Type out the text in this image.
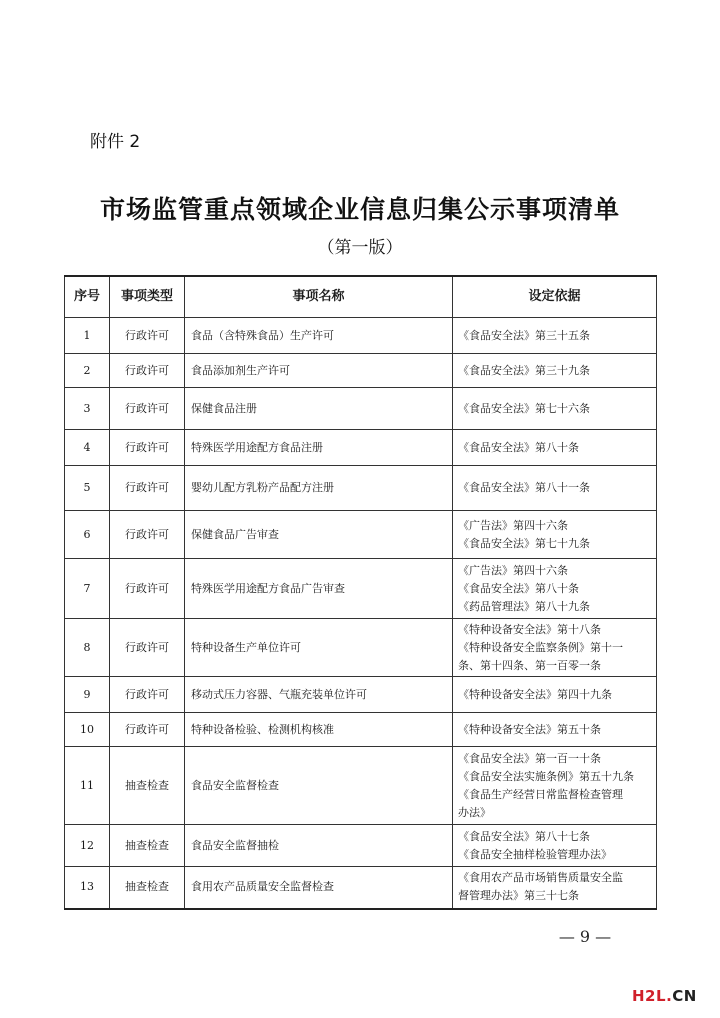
附件 2
市场监管重点领域企业信息归集公示事项清单
（第一版）
序号	事项类型	事项名称	设定依据
1	行政许可	食品（含特殊食品）生产许可	《食品安全法》第三十五条

2	行政许可	食品添加剂生产许可	《食品安全法》第三十九条

3	行政许可	保健食品注册	《食品安全法》第七十六条

4	行政许可	特殊医学用途配方食品注册	《食品安全法》第八十条

5	行政许可	婴幼儿配方乳粉产品配方注册	《食品安全法》第八十一条

6	行政许可	保健食品广告审查	《广告法》第四十六条
《食品安全法》第七十九条

7	行政许可	特殊医学用途配方食品广告审查	《广告法》第四十六条
《食品安全法》第八十条
《药品管理法》第八十九条

8	行政许可	特种设备生产单位许可	《特种设备安全法》第十八条
《特种设备安全监察条例》第十一
条、第十四条、第一百零一条

9	行政许可	移动式压力容器、气瓶充装单位许可	《特种设备安全法》第四十九条

10	行政许可	特种设备检验、检测机构核准	《特种设备安全法》第五十条

11	抽查检查	食品安全监督检查	《食品安全法》第一百一十条
《食品安全法实施条例》第五十九条
《食品生产经营日常监督检查管理
办法》

12	抽查检查	食品安全监督抽检	《食品安全法》第八十七条
《食品安全抽样检验管理办法》

13	抽查检查	食用农产品质量安全监督检查	《食用农产品市场销售质量安全监
督管理办法》第三十七条
— 9 —
H2L.CN
